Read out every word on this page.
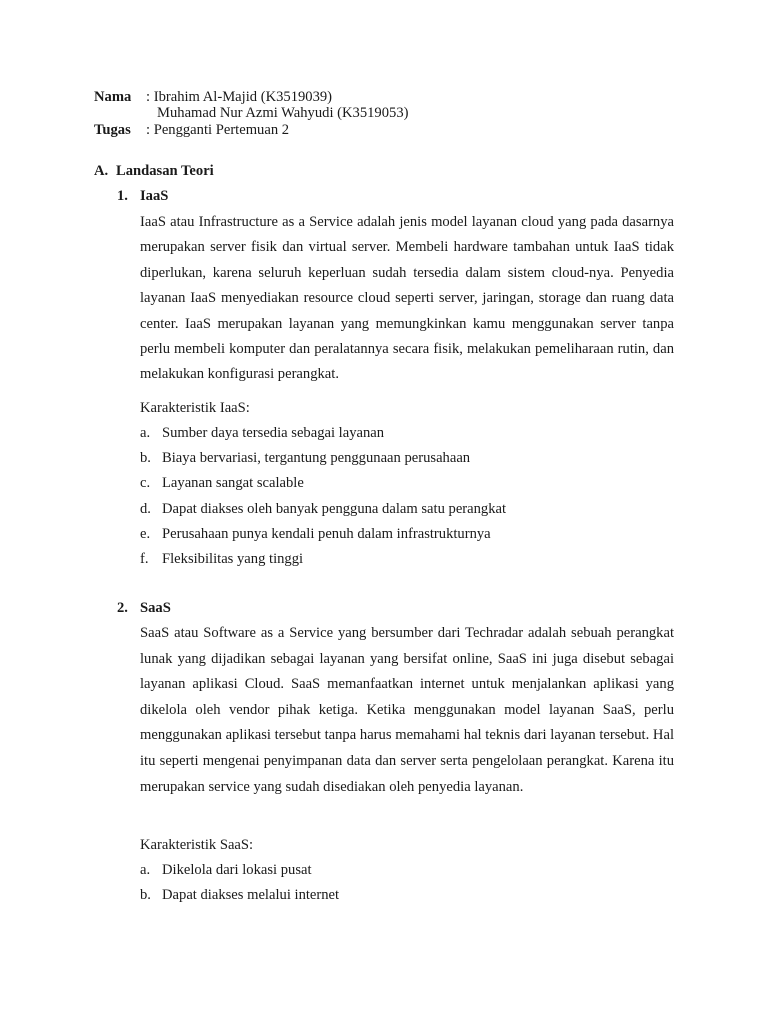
Nama : Ibrahim Al-Majid (K3519039)
Muhamad Nur Azmi Wahyudi (K3519053)
Tugas : Pengganti Pertemuan 2
A. Landasan Teori
1. IaaS

IaaS atau Infrastructure as a Service adalah jenis model layanan cloud yang pada dasarnya merupakan server fisik dan virtual server. Membeli hardware tambahan untuk IaaS tidak diperlukan, karena seluruh keperluan sudah tersedia dalam sistem cloud-nya. Penyedia layanan IaaS menyediakan resource cloud seperti server, jaringan, storage dan ruang data center. IaaS merupakan layanan yang memungkinkan kamu menggunakan server tanpa perlu membeli komputer dan peralatannya secara fisik, melakukan pemeliharaan rutin, dan melakukan konfigurasi perangkat.

Karakteristik IaaS:
a. Sumber daya tersedia sebagai layanan
b. Biaya bervariasi, tergantung penggunaan perusahaan
c. Layanan sangat scalable
d. Dapat diakses oleh banyak pengguna dalam satu perangkat
e. Perusahaan punya kendali penuh dalam infrastrukturnya
f. Fleksibilitas yang tinggi
2. SaaS

SaaS atau Software as a Service yang bersumber dari Techradar adalah sebuah perangkat lunak yang dijadikan sebagai layanan yang bersifat online, SaaS ini juga disebut sebagai layanan aplikasi Cloud. SaaS memanfaatkan internet untuk menjalankan aplikasi yang dikelola oleh vendor pihak ketiga. Ketika menggunakan model layanan SaaS, perlu menggunakan aplikasi tersebut tanpa harus memahami hal teknis dari layanan tersebut. Hal itu seperti mengenai penyimpanan data dan server serta pengelolaan perangkat. Karena itu merupakan service yang sudah disediakan oleh penyedia layanan.

Karakteristik SaaS:
a. Dikelola dari lokasi pusat
b. Dapat diakses melalui internet
